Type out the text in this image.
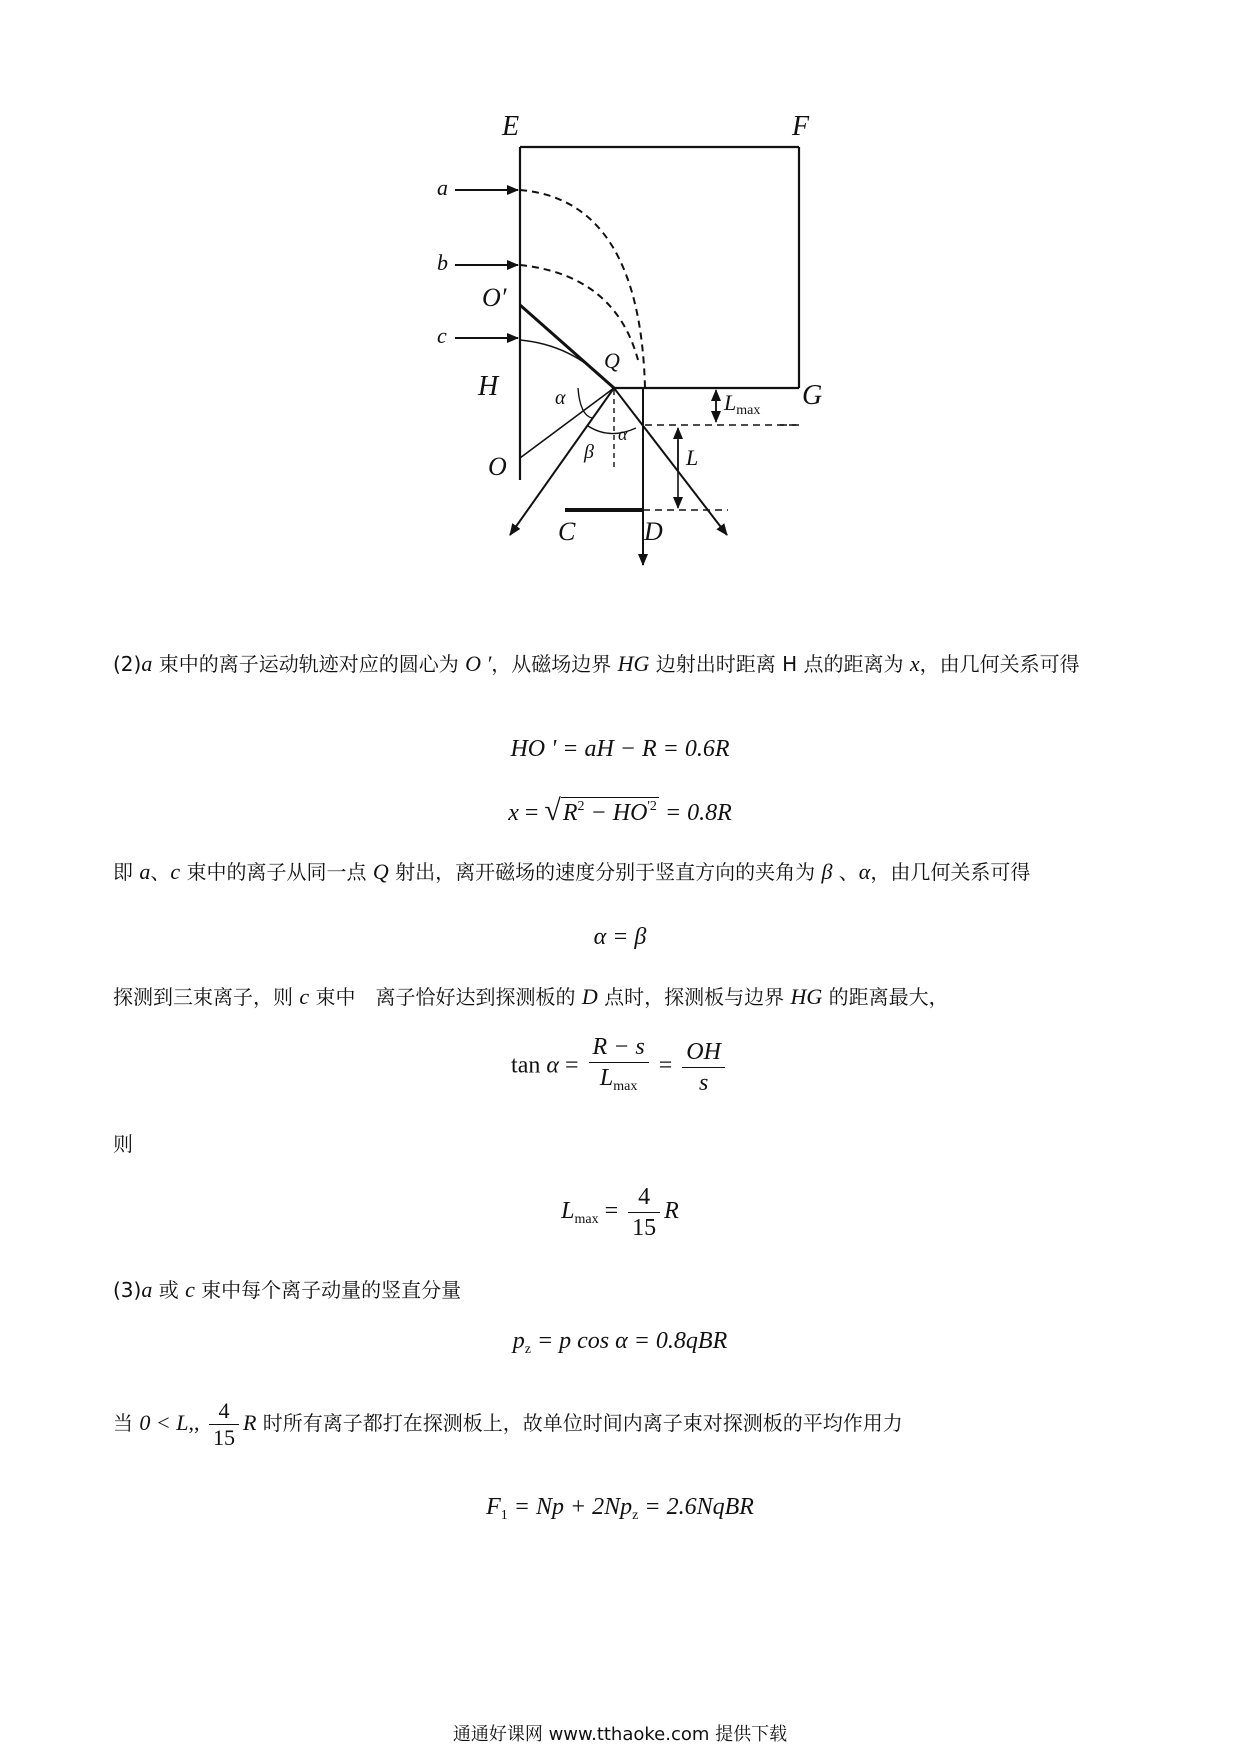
E	F
G
H
O′
O
Q
C	D
a
b
c
α
α
β
Lmax
L
(2)a 束中的离子运动轨迹对应的圆心为 O ′，从磁场边界 HG 边射出时距离 H 点的距离为 x，由几何关系可得
HO ' = aH − R = 0.6R
$x = √R^2 - HO^{'2} = 0.8R$
即 a、c 束中的离子从同一点 Q 射出，离开磁场的速度分别于竖直方向的夹角为 β 、α，由几何关系可得
α = β
探测到三束离子，则 c 束中　离子恰好达到探测板的 D 点时，探测板与边界 HG 的距离最大，
$\tan \alpha = \frac{R - s}{L_{max}} = \frac{OH}{s}$
则
$L_{max} = \frac{4}{15}$ R
(3)a 或 c 束中每个离子动量的竖直分量
$p_z = p$ cos α = 0.8qBR
当 0 < L,, $\frac{4}{15}$ R 时所有离子都打在探测板上，故单位时间内离子束对探测板的平均作用力
$F_1 = Np + 2Np_z$ = 2.6NqBR
通通好课网 www.tthaoke.com 提供下载
